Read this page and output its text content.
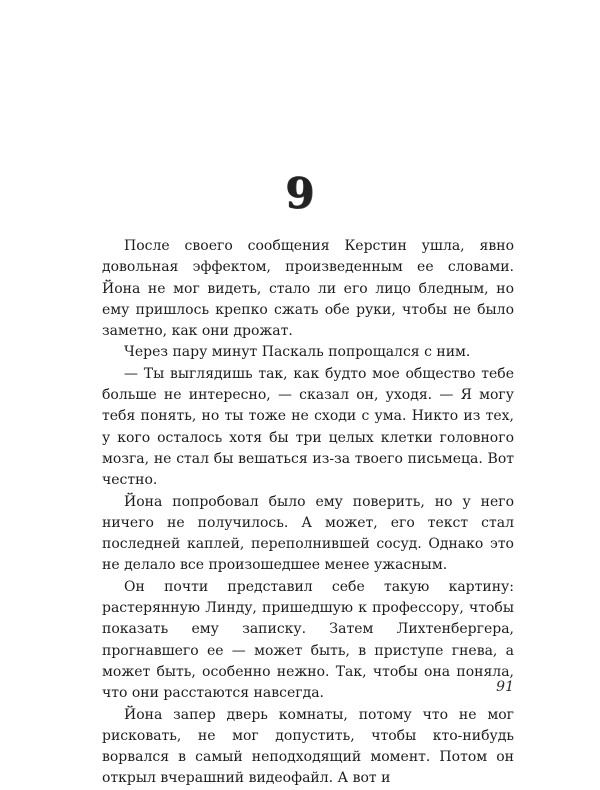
9

После своего сообщения Керстин ушла, явно довольная эффектом, произведенным ее словами. Йона не мог видеть, стало ли его лицо бледным, но ему пришлось крепко сжать обе руки, чтобы не было заметно, как они дрожат.

Через пару минут Паскаль попрощался с ним.

— Ты выглядишь так, как будто мое общество тебе больше не интересно, — сказал он, уходя. — Я могу тебя понять, но ты тоже не сходи с ума. Никто из тех, у кого осталось хотя бы три целых клетки головного мозга, не стал бы вешаться из-за твоего письмеца. Вот честно.

Йона попробовал было ему поверить, но у него ничего не получилось. А может, его текст стал последней каплей, переполнившей сосуд. Однако это не делало все произошедшее менее ужасным.

Он почти представил себе такую картину: растерянную Линду, пришедшую к профессору, чтобы показать ему записку. Затем Лихтенбергера, прогнавшего ее — может быть, в приступе гнева, а может быть, особенно нежно. Так, чтобы она поняла, что они расстаются навсегда.

Йона запер дверь комнаты, потому что не мог рисковать, не мог допустить, чтобы кто-нибудь ворвался в самый неподходящий момент. Потом он открыл вчерашний видеофайл. А вот и

91
